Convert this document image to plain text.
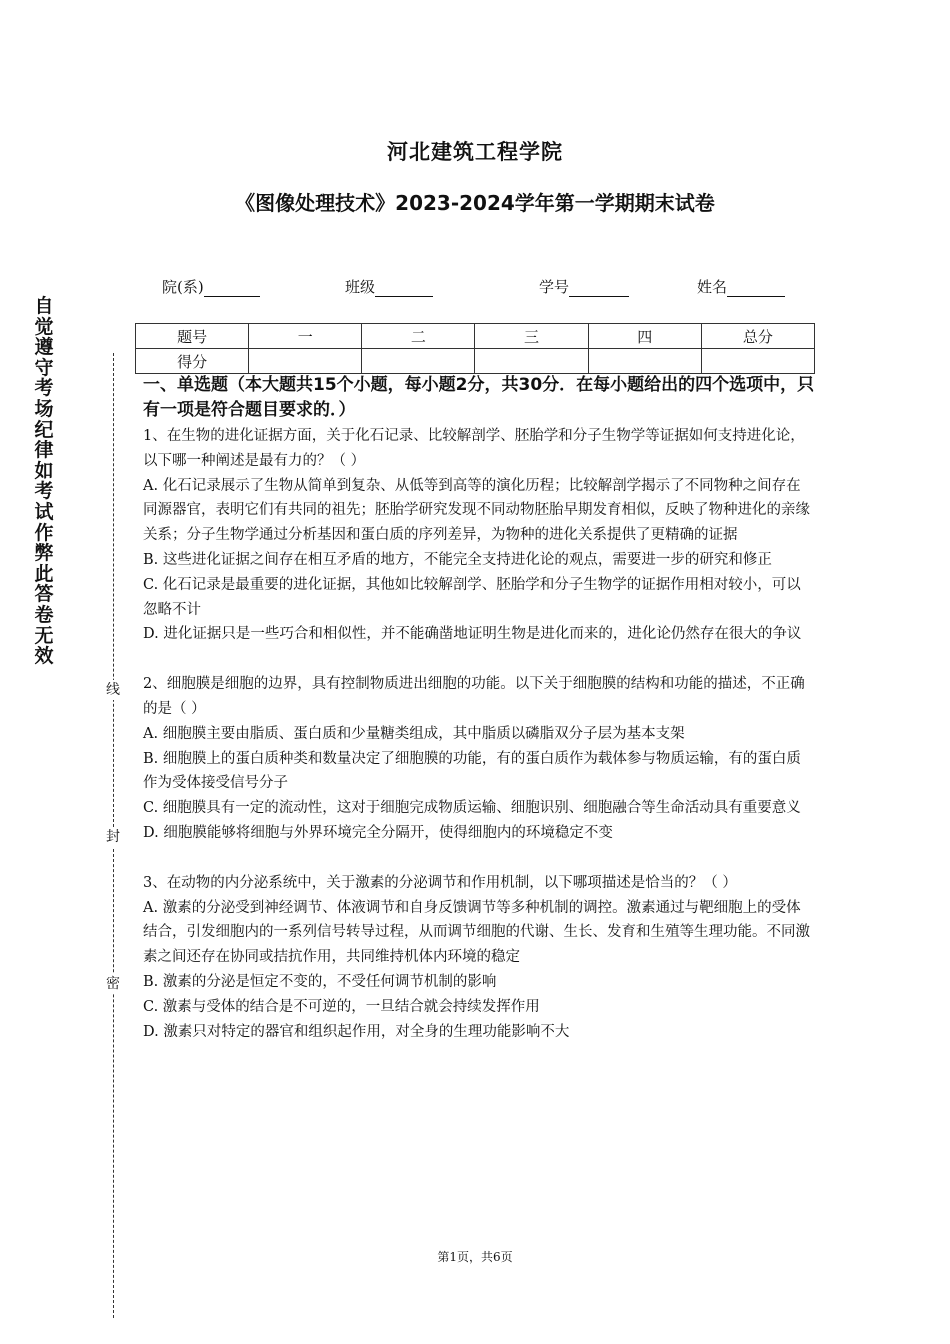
河北建筑工程学院
《图像处理技术》2023-2024学年第一学期期末试卷
院(系)	班级	学号	姓名
题号	一	二	三	四	总分
得分					
自觉遵守考场纪律如考试作弊此答卷无效
线
封
密
一、单选题（本大题共15个小题，每小题2分，共30分．在每小题给出的四个选项中，只有一项是符合题目要求的．）

1、在生物的进化证据方面，关于化石记录、比较解剖学、胚胎学和分子生物学等证据如何支持进化论，以下哪一种阐述是最有力的？（ ）

A. 化石记录展示了生物从简单到复杂、从低等到高等的演化历程；比较解剖学揭示了不同物种之间存在同源器官，表明它们有共同的祖先；胚胎学研究发现不同动物胚胎早期发育相似，反映了物种进化的亲缘关系；分子生物学通过分析基因和蛋白质的序列差异，为物种的进化关系提供了更精确的证据

B. 这些进化证据之间存在相互矛盾的地方，不能完全支持进化论的观点，需要进一步的研究和修正

C. 化石记录是最重要的进化证据，其他如比较解剖学、胚胎学和分子生物学的证据作用相对较小，可以忽略不计

D. 进化证据只是一些巧合和相似性，并不能确凿地证明生物是进化而来的，进化论仍然存在很大的争议

2、细胞膜是细胞的边界，具有控制物质进出细胞的功能。以下关于细胞膜的结构和功能的描述，不正确的是（ ）

A. 细胞膜主要由脂质、蛋白质和少量糖类组成，其中脂质以磷脂双分子层为基本支架

B. 细胞膜上的蛋白质种类和数量决定了细胞膜的功能，有的蛋白质作为载体参与物质运输，有的蛋白质作为受体接受信号分子

C. 细胞膜具有一定的流动性，这对于细胞完成物质运输、细胞识别、细胞融合等生命活动具有重要意义

D. 细胞膜能够将细胞与外界环境完全分隔开，使得细胞内的环境稳定不变

3、在动物的内分泌系统中，关于激素的分泌调节和作用机制，以下哪项描述是恰当的？（ ）

A. 激素的分泌受到神经调节、体液调节和自身反馈调节等多种机制的调控。激素通过与靶细胞上的受体结合，引发细胞内的一系列信号转导过程，从而调节细胞的代谢、生长、发育和生殖等生理功能。不同激素之间还存在协同或拮抗作用，共同维持机体内环境的稳定

B. 激素的分泌是恒定不变的，不受任何调节机制的影响

C. 激素与受体的结合是不可逆的，一旦结合就会持续发挥作用

D. 激素只对特定的器官和组织起作用，对全身的生理功能影响不大

第1页，共6页
